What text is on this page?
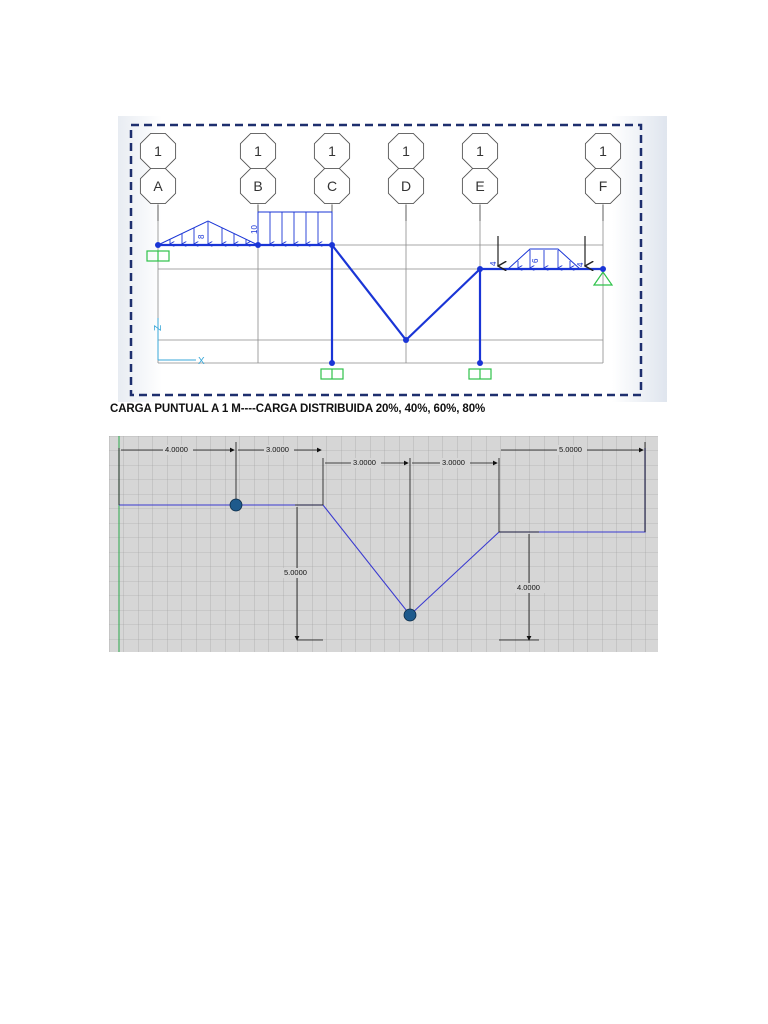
1
A
1
B
1
C
1
D
1
E
1
F
8
10
4
6
4
Z
X
CARGA PUNTUAL A 1 M----CARGA DISTRIBUIDA 20%, 40%, 60%, 80%
4.0000	3.0000
3.0000	3.0000
5.0000
5.0000
4.0000
